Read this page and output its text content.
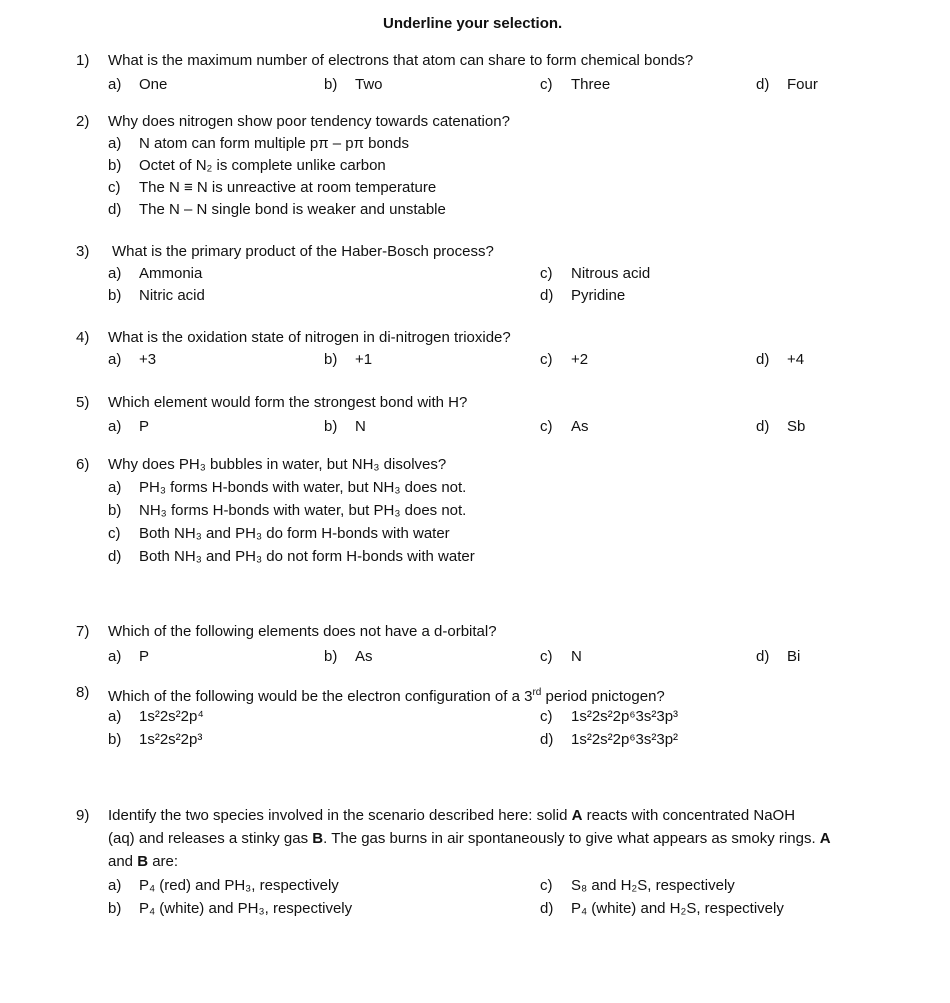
Underline your selection.
1)	What is the maximum number of electrons that atom can share to form chemical bonds?
a) One	b) Two	c) Three	d) Four
2)	Why does nitrogen show poor tendency towards catenation?
a) N atom can form multiple pπ – pπ bonds
b) Octet of N₂ is complete unlike carbon
c) The N ≡ N is unreactive at room temperature
d) The N – N single bond is weaker and unstable
3)	What is the primary product of the Haber-Bosch process?
a) Ammonia
b) Nitric acid
c) Nitrous acid
d) Pyridine
4)	What is the oxidation state of nitrogen in di-nitrogen trioxide?
a) +3	b) +1	c) +2	d) +4
5)	Which element would form the strongest bond with H?
a) P	b) N	c) As	d) Sb
6)	Why does PH₃ bubbles in water, but NH₃ disolves?
a) PH₃ forms H-bonds with water, but NH₃ does not.
b) NH₃ forms H-bonds with water, but PH₃ does not.
c) Both NH₃ and PH₃ do form H-bonds with water
d) Both NH₃ and PH₃ do not form H-bonds with water
7)	Which of the following elements does not have a d-orbital?
a) P	b) As	c) N	d) Bi
8)	Which of the following would be the electron configuration of a 3rd period pnictogen?
a) 1s²2s²2p⁴
b) 1s²2s²2p³
c) 1s²2s²2p⁶3s²3p³
d) 1s²2s²2p⁶3s²3p²
9)	Identify the two species involved in the scenario described here: solid A reacts with concentrated NaOH
(aq) and releases a stinky gas B. The gas burns in air spontaneously to give what appears as smoky rings. A
and B are:
a) P₄ (red) and PH₃, respectively
b) P₄ (white) and PH₃, respectively
c) S₈ and H₂S, respectively
d) P₄ (white) and H₂S, respectively
